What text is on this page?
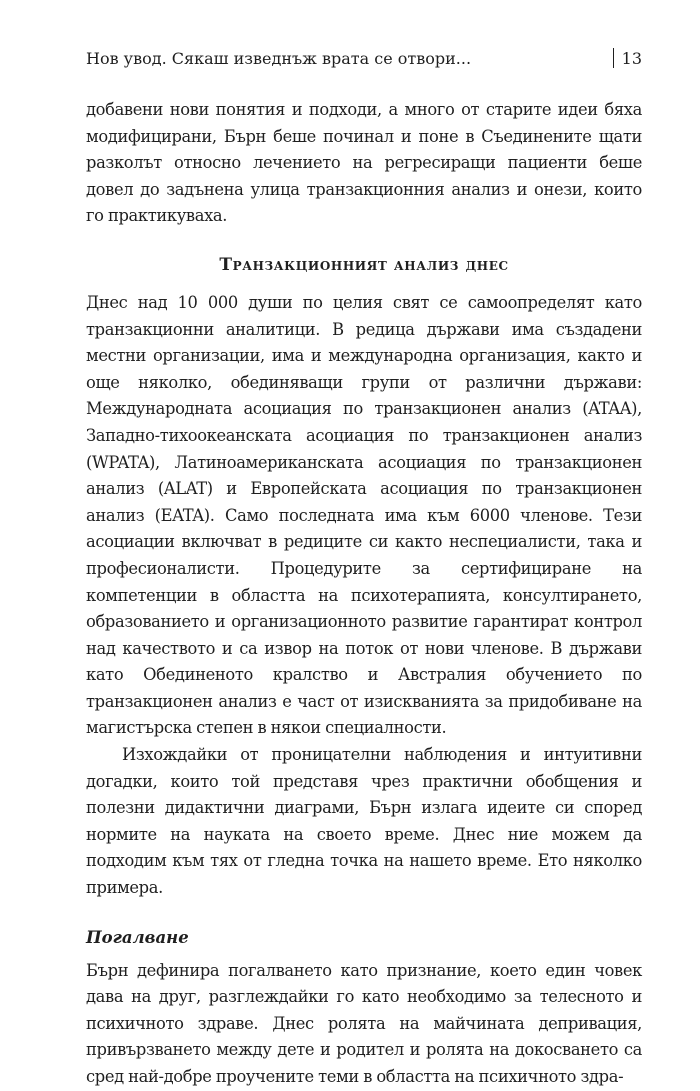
Нов увод. Сякаш изведнъж врата се отвори...	13

добавени нови понятия и подходи, а много от старите идеи бяха модифицирани, Бърн беше починал и поне в Съединените щати разколът относно лечението на регресиращи пациенти беше довел до задънена улица транзакционния анализ и онези, които го практикуваха.

Транзакционният анализ днес

Днес над 10 000 души по целия свят се самоопределят като транзакционни аналитици. В редица държави има създадени местни организации, има и международна организация, както и още няколко, обединяващи групи от различни държави: Международната асоциация по транзакционен анализ (ATAA), Западно-тихоокеанската асоциация по транзакционен анализ (WPATA), Латиноамериканската асоциация по транзакционен анализ (ALAT) и Европейската асоциация по транзакционен анализ (EATA). Само последната има към 6000 членове. Тези асоциации включват в редиците си както неспециалисти, така и професионалисти. Процедурите за сертифициране на компетенции в областта на психотерапията, консултирането, образованието и организационното развитие гарантират контрол над качеството и са извор на поток от нови членове. В държави като Обединеното кралство и Австралия обучението по транзакционен анализ е част от изискванията за придобиване на магистърска степен в някои специалности.

Изхождайки от проницателни наблюдения и интуитивни догадки, които той представя чрез практични обобщения и полезни дидактични диаграми, Бърн излага идеите си според нормите на науката на своето време. Днес ние можем да подходим към тях от гледна точка на нашето време. Ето няколко примера.

Погалване

Бърн дефинира погалването като признание, което един човек дава на друг, разглеждайки го като необходимо за телесното и психичното здраве. Днес ролята на майчината депривация, привързването между дете и родител и ролята на докосването са сред най-добре проучените теми в областта на психичното здра-
